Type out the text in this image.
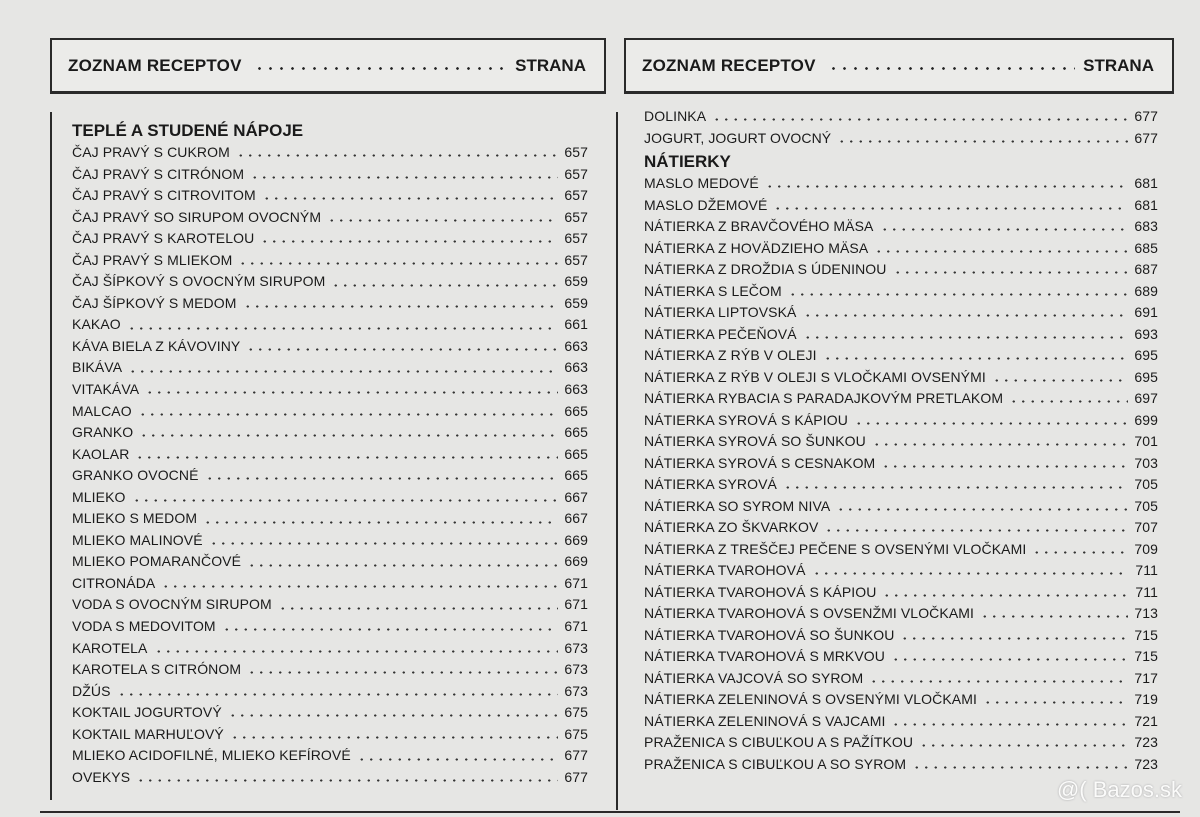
ZOZNAM RECEPTOV	STRANA
TEPLÉ A STUDENÉ NÁPOJE
ČAJ PRAVÝ S CUKROM	657
ČAJ PRAVÝ S CITRÓNOM	657
ČAJ PRAVÝ S CITROVITOM	657
ČAJ PRAVÝ SO SIRUPOM OVOCNÝM	657
ČAJ PRAVÝ S KAROTELOU	657
ČAJ PRAVÝ S MLIEKOM	657
ČAJ ŠÍPKOVÝ S OVOCNÝM SIRUPOM	659
ČAJ ŠÍPKOVÝ S MEDOM	659
KAKAO	661
KÁVA BIELA Z KÁVOVINY	663
BIKÁVA	663
VITAKÁVA	663
MALCAO	665
GRANKO	665
KAOLAR	665
GRANKO OVOCNÉ	665
MLIEKO	667
MLIEKO S MEDOM	667
MLIEKO MALINOVÉ	669
MLIEKO POMARANČOVÉ	669
CITRONÁDA	671
VODA S OVOCNÝM SIRUPOM	671
VODA S MEDOVITOM	671
KAROTELA	673
KAROTELA S CITRÓNOM	673
DŽÚS	673
KOKTAIL JOGURTOVÝ	675
KOKTAIL MARHUĽOVÝ	675
MLIEKO ACIDOFILNÉ, MLIEKO KEFÍROVÉ	677
OVEKYS	677
ZOZNAM RECEPTOV	STRANA
DOLINKA	677
JOGURT, JOGURT OVOCNÝ	677
NÁTIERKY
MASLO MEDOVÉ	681
MASLO DŽEMOVÉ	681
NÁTIERKA Z BRAVČOVÉHO MÄSA	683
NÁTIERKA Z HOVÄDZIEHO MÄSA	685
NÁTIERKA Z DROŽDIA S ÚDENINOU	687
NÁTIERKA S LEČOM	689
NÁTIERKA LIPTOVSKÁ	691
NÁTIERKA PEČEŇOVÁ	693
NÁTIERKA Z RÝB V OLEJI	695
NÁTIERKA Z RÝB V OLEJI S VLOČKAMI OVSENÝMI	695
NÁTIERKA RYBACIA S PARADAJKOVÝM PRETLAKOM	697
NÁTIERKA SYROVÁ S KÁPIOU	699
NÁTIERKA SYROVÁ SO ŠUNKOU	701
NÁTIERKA SYROVÁ S CESNAKOM	703
NÁTIERKA SYROVÁ	705
NÁTIERKA SO SYROM NIVA	705
NÁTIERKA ZO ŠKVARKOV	707
NÁTIERKA Z TREŠČEJ PEČENE S OVSENÝMI VLOČKAMI	709
NÁTIERKA TVAROHOVÁ	711
NÁTIERKA TVAROHOVÁ S KÁPIOU	711
NÁTIERKA TVAROHOVÁ S OVSENŽMI VLOČKAMI	713
NÁTIERKA TVAROHOVÁ SO ŠUNKOU	715
NÁTIERKA TVAROHOVÁ S MRKVOU	715
NÁTIERKA VAJCOVÁ SO SYROM	717
NÁTIERKA ZELENINOVÁ S OVSENÝMI VLOČKAMI	719
NÁTIERKA ZELENINOVÁ S VAJCAMI	721
PRAŽENICA S CIBUĽKOU A S PAŽÍTKOU	723
PRAŽENICA S CIBUĽKOU A SO SYROM	723
@( Bazos.sk
